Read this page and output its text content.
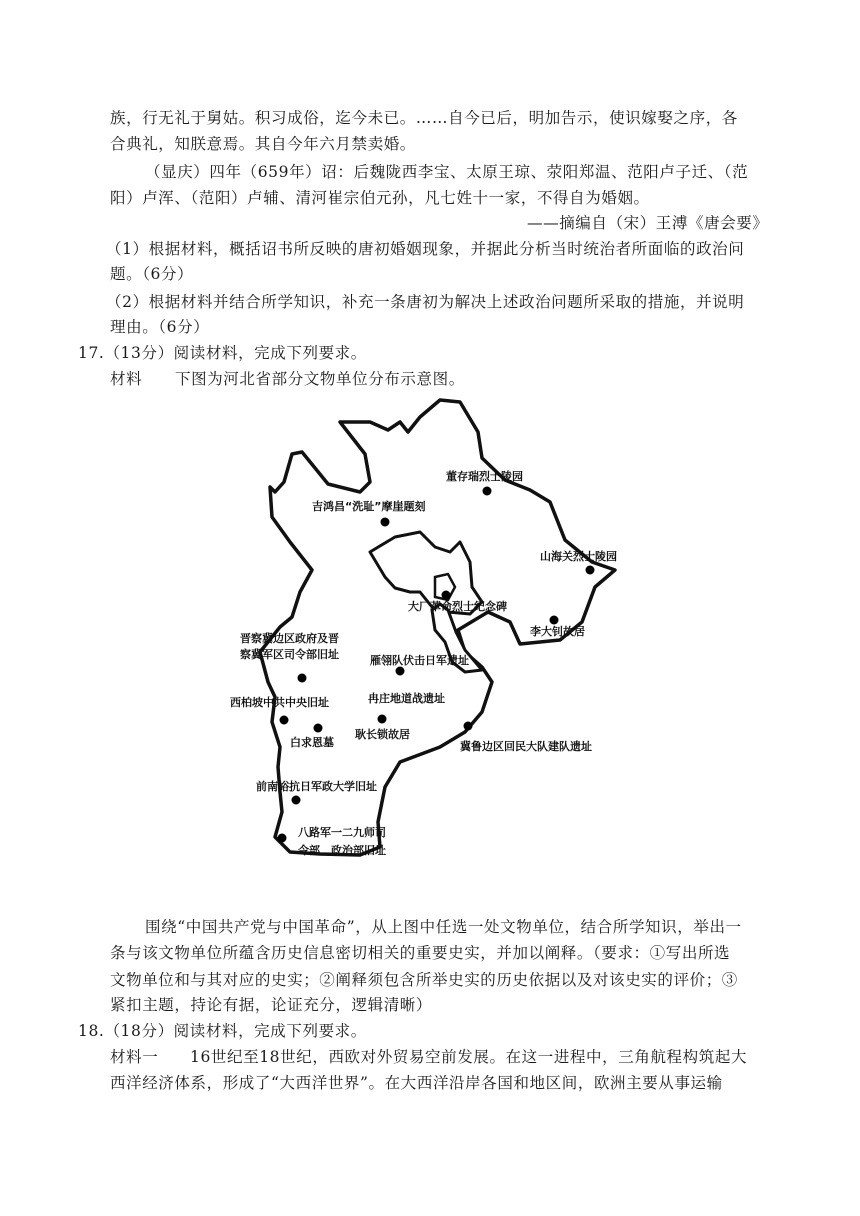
族，行无礼于舅姑。积习成俗，迄今未已。……自今已后，明加告示，使识嫁娶之序，各
合典礼，知朕意焉。其自今年六月禁卖婚。
（显庆）四年（659年）诏：后魏陇西李宝、太原王琼、荥阳郑温、范阳卢子迁、（范
阳）卢浑、（范阳）卢辅、清河崔宗伯元孙，凡七姓十一家，不得自为婚姻。
——摘编自（宋）王溥《唐会要》
（1）根据材料，概括诏书所反映的唐初婚姻现象，并据此分析当时统治者所面临的政治问
题。（6分）
（2）根据材料并结合所学知识，补充一条唐初为解决上述政治问题所采取的措施，并说明
理由。（6分）
17.（13分）阅读材料，完成下列要求。
材料 下图为河北省部分文物单位分布示意图。
董存瑞烈士陵园
吉鸿昌“洗耻”摩崖题刻
山海关烈士陵园
大厂革命烈士纪念碑
李大钊故居
晋察冀边区政府及晋
察冀军区司令部旧址	雁翎队伏击日军遗址
西柏坡中共中央旧址	冉庄地道战遗址
白求恩墓
耿长锁故居
冀鲁边区回民大队建队遗址
前南峪抗日军政大学旧址
八路军一二九师司
令部　政治部旧址
围绕“中国共产党与中国革命”，从上图中任选一处文物单位，结合所学知识，举出一
条与该文物单位所蕴含历史信息密切相关的重要史实，并加以阐释。（要求：①写出所选
文物单位和与其对应的史实；②阐释须包含所举史实的历史依据以及对该史实的评价；③
紧扣主题，持论有据，论证充分，逻辑清晰）
18.（18分）阅读材料，完成下列要求。
材料一 16世纪至18世纪，西欧对外贸易空前发展。在这一进程中，三角航程构筑起大
西洋经济体系，形成了“大西洋世界”。在大西洋沿岸各国和地区间，欧洲主要从事运输
